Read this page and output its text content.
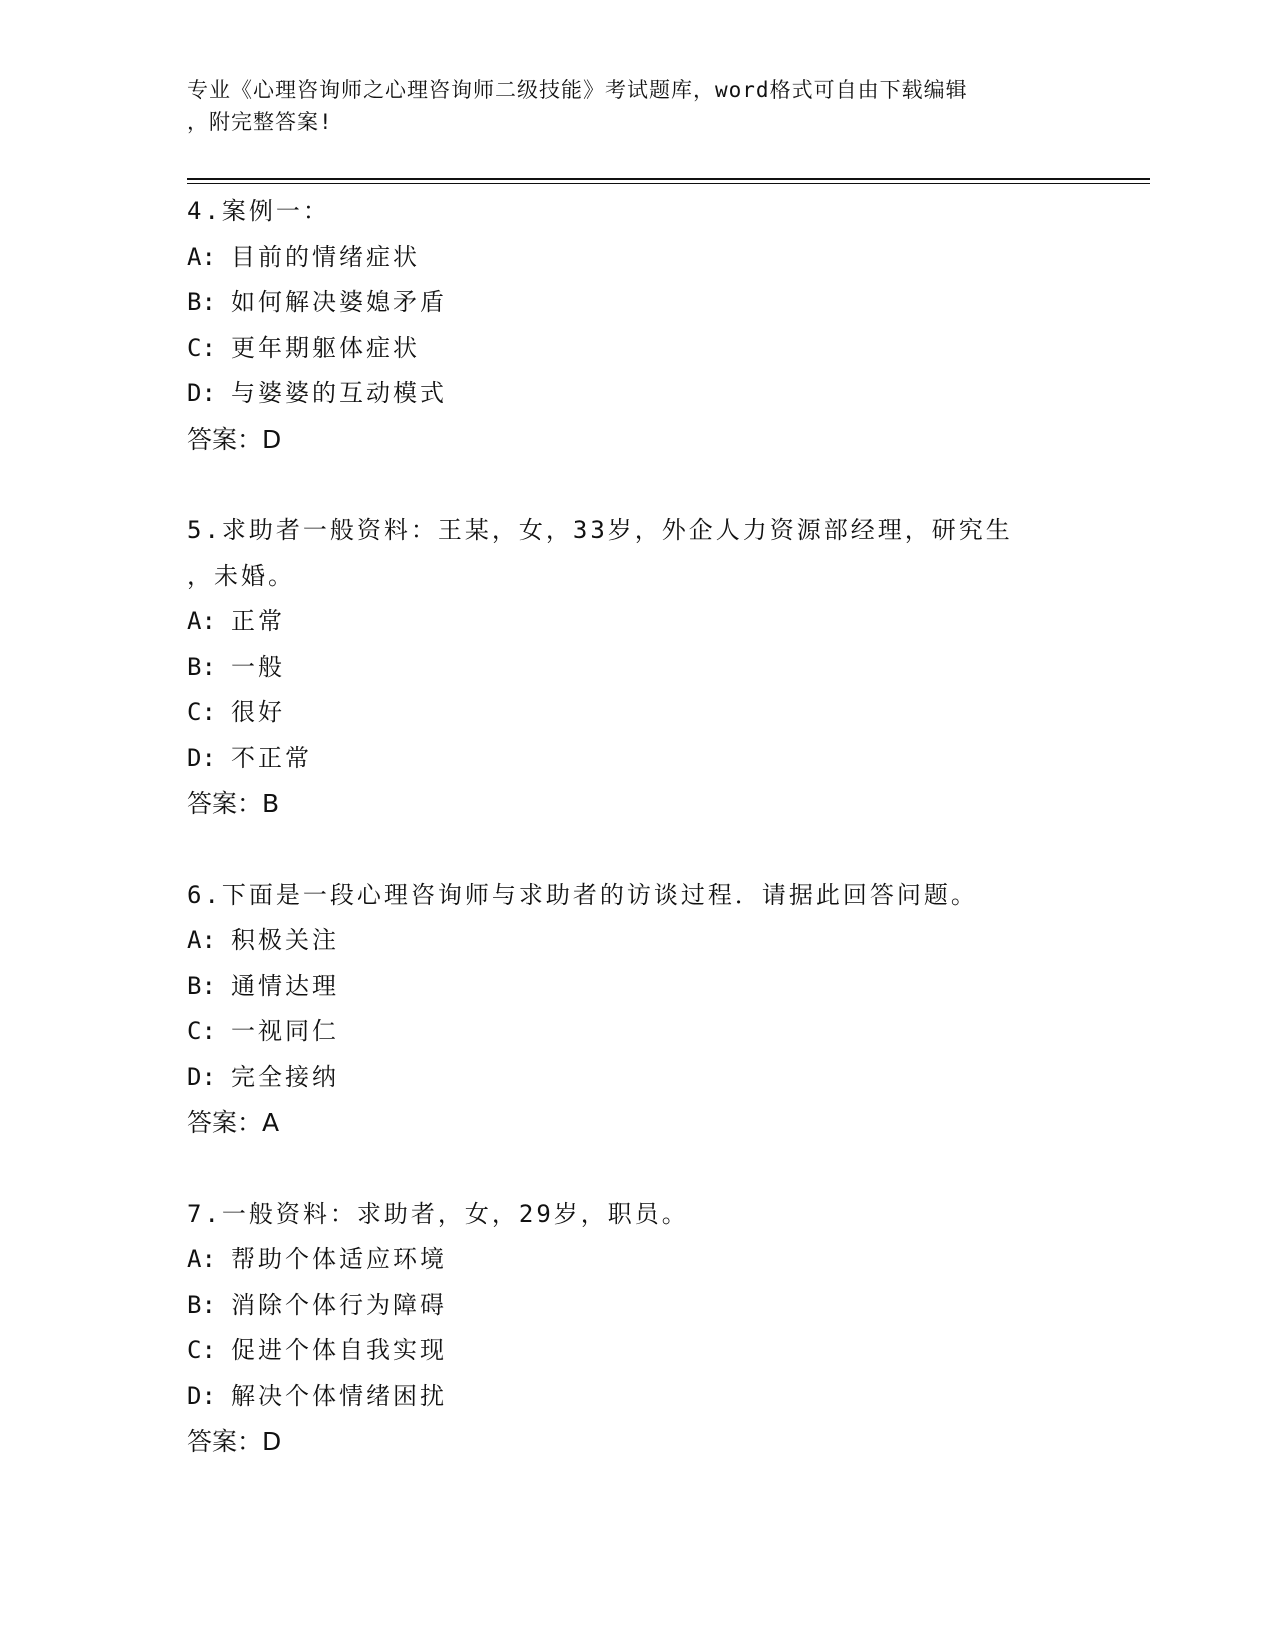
专业《心理咨询师之心理咨询师二级技能》考试题库，word格式可自由下载编辑
，附完整答案!

4.案例一：

A: 目前的情绪症状
B: 如何解决婆媳矛盾
C: 更年期躯体症状
D: 与婆婆的互动模式

答案：D

5.求助者一般资料：王某，女，33岁，外企人力资源部经理，研究生

，未婚。

A: 正常
B: 一般
C: 很好
D: 不正常

答案：B

6.下面是一段心理咨询师与求助者的访谈过程．请据此回答问题。

A: 积极关注
B: 通情达理
C: 一视同仁
D: 完全接纳

答案：A

7.一般资料：求助者，女，29岁，职员。

A: 帮助个体适应环境
B: 消除个体行为障碍
C: 促进个体自我实现
D: 解决个体情绪困扰

答案：D
